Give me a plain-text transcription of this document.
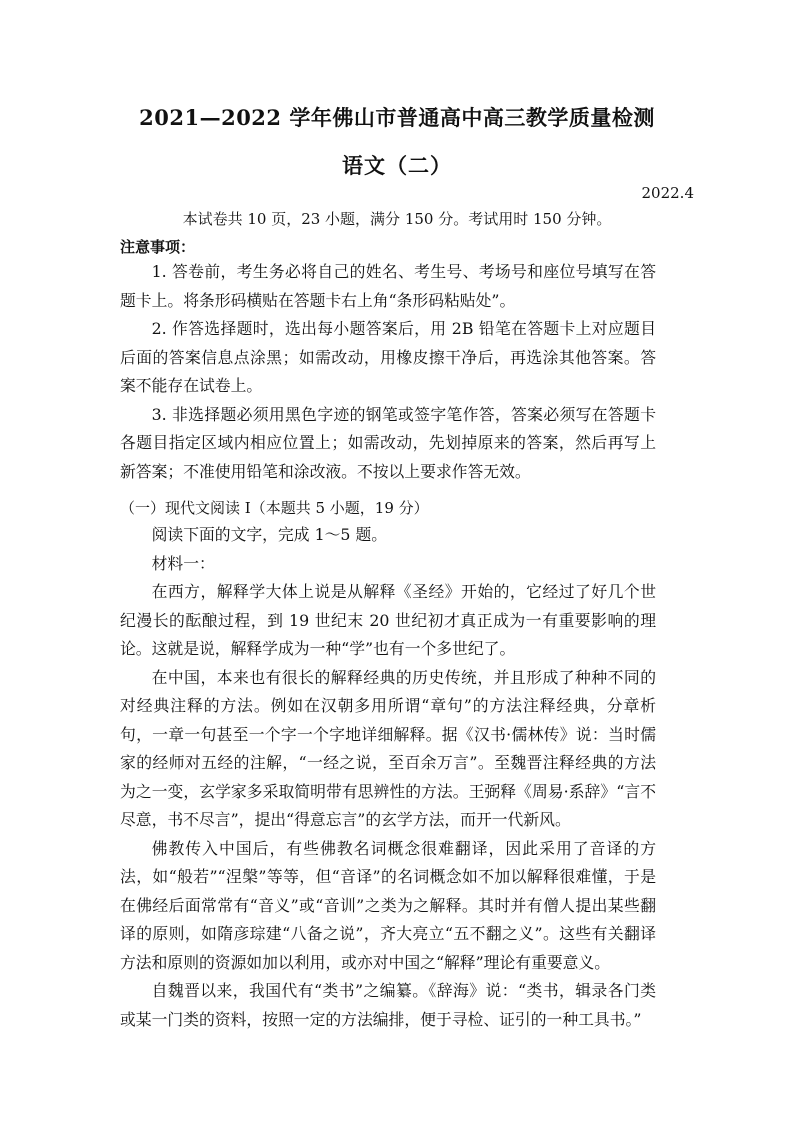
2021—2022 学年佛山市普通高中高三教学质量检测
语文（二）
2022.4
本试卷共 10 页，23 小题，满分 150 分。考试用时 150 分钟。
注意事项：

1. 答卷前，考生务必将自己的姓名、考生号、考场号和座位号填写在答题卡上。将条形码横贴在答题卡右上角“条形码粘贴处”。

2. 作答选择题时，选出每小题答案后，用 2B 铅笔在答题卡上对应题目后面的答案信息点涂黑；如需改动，用橡皮擦干净后，再选涂其他答案。答案不能存在试卷上。

3. 非选择题必须用黑色字迹的钢笔或签字笔作答，答案必须写在答题卡各题目指定区域内相应位置上；如需改动，先划掉原来的答案，然后再写上新答案；不准使用铅笔和涂改液。不按以上要求作答无效。

（一）现代文阅读 I（本题共 5 小题，19 分）

阅读下面的文字，完成 1～5 题。

材料一：

在西方，解释学大体上说是从解释《圣经》开始的，它经过了好几个世纪漫长的酝酿过程，到 19 世纪末 20 世纪初才真正成为一有重要影响的理论。这就是说，解释学成为一种“学”也有一个多世纪了。

在中国，本来也有很长的解释经典的历史传统，并且形成了种种不同的对经典注释的方法。例如在汉朝多用所谓“章句”的方法注释经典，分章析句，一章一句甚至一个字一个字地详细解释。据《汉书·儒林传》说：当时儒家的经师对五经的注解，“一经之说，至百余万言”。至魏晋注释经典的方法为之一变，玄学家多采取简明带有思辨性的方法。王弼释《周易·系辞》“言不尽意，书不尽言”，提出“得意忘言”的玄学方法，而开一代新风。

佛教传入中国后，有些佛教名词概念很难翻译，因此采用了音译的方法，如“般若”“涅槃”等等，但“音译”的名词概念如不加以解释很难懂，于是在佛经后面常常有“音义”或“音训”之类为之解释。其时并有僧人提出某些翻译的原则，如隋彦琮建“八备之说”，齐大亮立“五不翻之义”。这些有关翻译方法和原则的资源如加以利用，或亦对中国之“解释”理论有重要意义。

自魏晋以来，我国代有“类书”之编纂。《辞海》说：“类书，辑录各门类或某一门类的资料，按照一定的方法编排，便于寻检、证引的一种工具书。”
